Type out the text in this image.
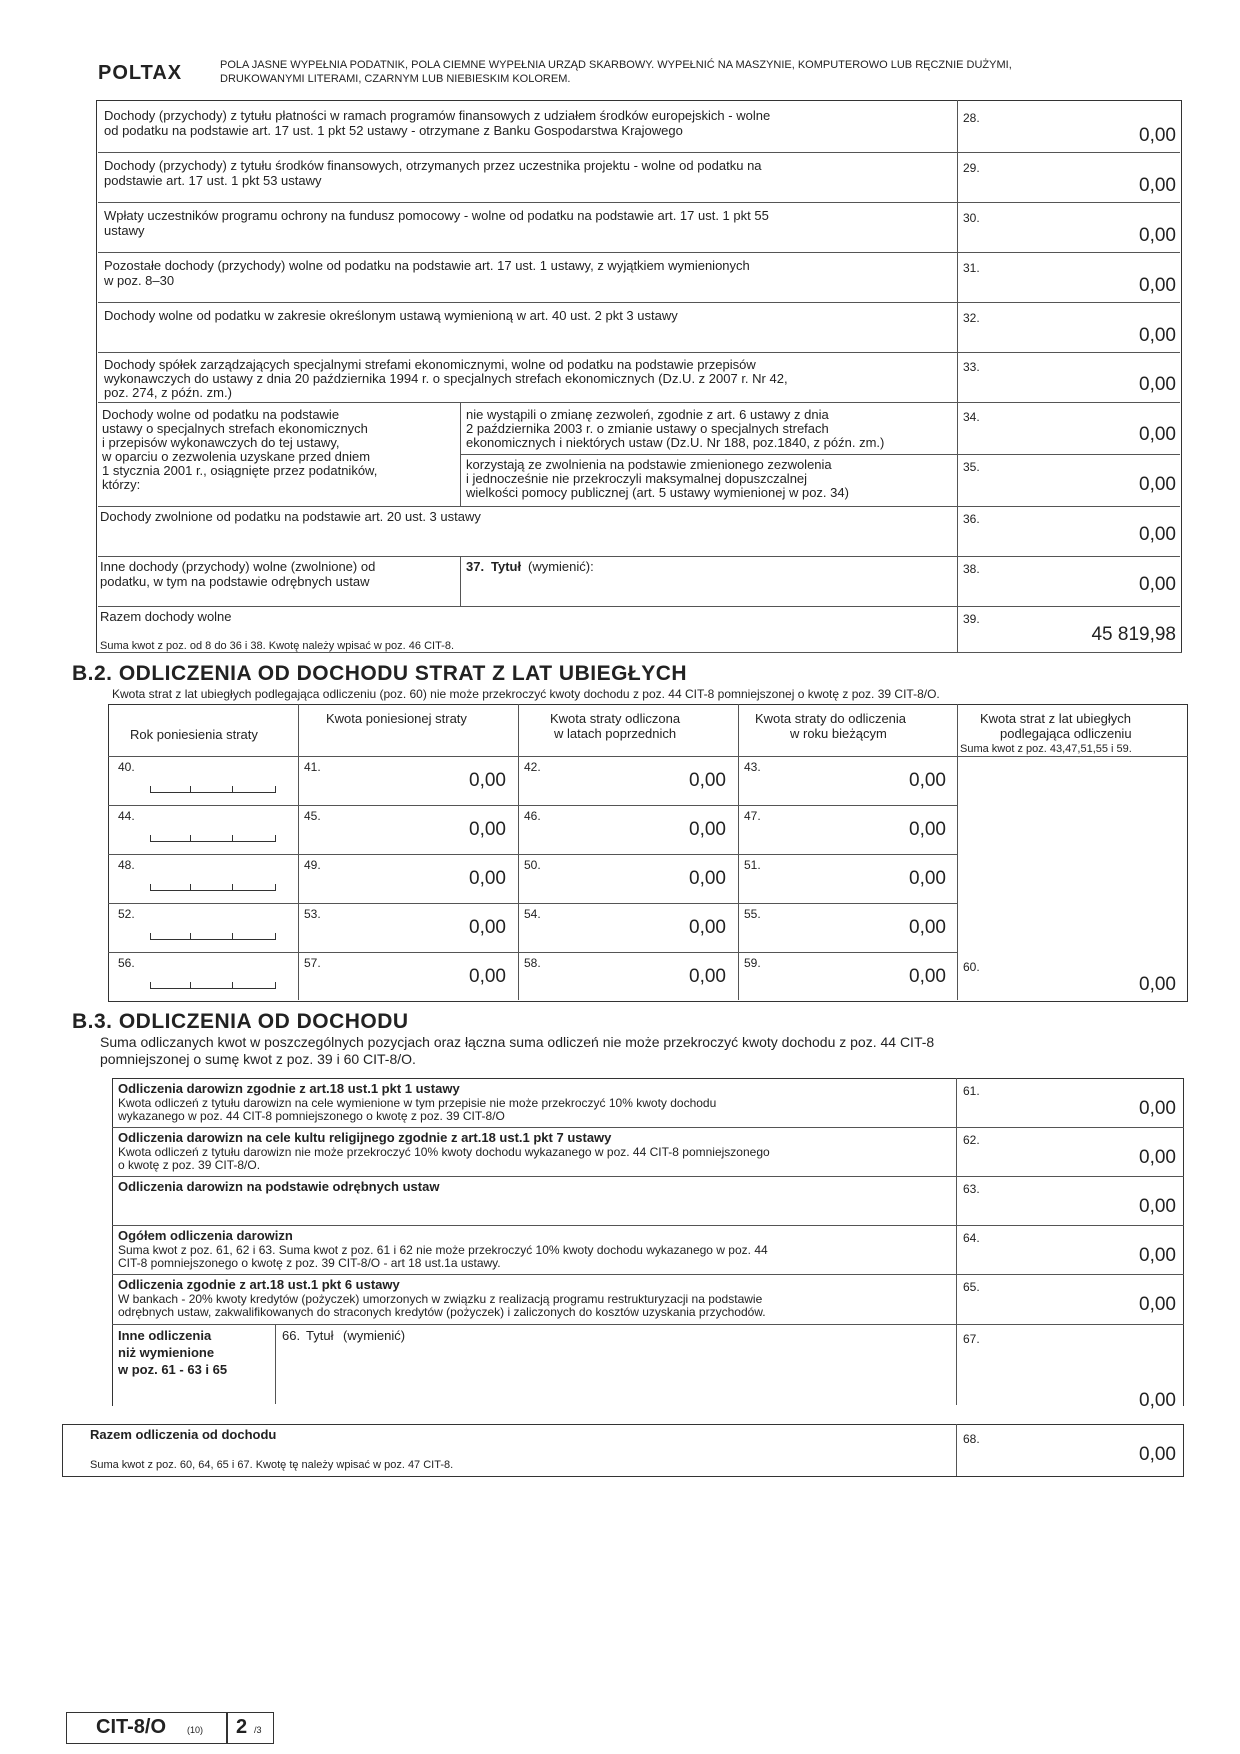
POLTAX	POLA JASNE WYPEŁNIA PODATNIK, POLA CIEMNE WYPEŁNIA URZĄD SKARBOWY. WYPEŁNIĆ NA MASZYNIE, KOMPUTEROWO LUB RĘCZNIE DUŻYMI,
DRUKOWANYMI LITERAMI, CZARNYM LUB NIEBIESKIM KOLOREM.
Dochody (przychody) z tytułu płatności w ramach programów finansowych z udziałem środków europejskich - wolne
od podatku na podstawie art. 17 ust. 1 pkt 52 ustawy - otrzymane z Banku Gospodarstwa Krajowego
28.
0,00
Dochody (przychody) z tytułu środków finansowych, otrzymanych przez uczestnika projektu - wolne od podatku na
podstawie art. 17 ust. 1 pkt 53 ustawy
29.
0,00
Wpłaty uczestników programu ochrony na fundusz pomocowy - wolne od podatku na podstawie art. 17 ust. 1 pkt 55
ustawy
30.
0,00
Pozostałe dochody (przychody) wolne od podatku na podstawie art. 17 ust. 1 ustawy, z wyjątkiem wymienionych
w poz. 8–30
31.
0,00
Dochody wolne od podatku w zakresie określonym ustawą wymienioną w art. 40 ust. 2 pkt 3 ustawy	32.
0,00
Dochody spółek zarządzających specjalnymi strefami ekonomicznymi, wolne od podatku na podstawie przepisów
wykonawczych do ustawy z dnia 20 października 1994 r. o specjalnych strefach ekonomicznych (Dz.U. z 2007 r. Nr 42,
poz. 274, z późn. zm.)
33.
0,00
Dochody wolne od podatku na podstawie
ustawy o specjalnych strefach ekonomicznych
i przepisów wykonawczych do tej ustawy,
w oparciu o zezwolenia uzyskane przed dniem
1 stycznia 2001 r., osiągnięte przez podatników,
którzy:
nie wystąpili o zmianę zezwoleń, zgodnie z art. 6 ustawy z dnia
2 października 2003 r. o zmianie ustawy o specjalnych strefach
ekonomicznych i niektórych ustaw (Dz.U. Nr 188, poz.1840, z późn. zm.)
korzystają ze zwolnienia na podstawie zmienionego zezwolenia
i jednocześnie nie przekroczyli maksymalnej dopuszczalnej
wielkości pomocy publicznej (art. 5 ustawy wymienionej w poz. 34)
34.
0,00
35.
0,00
Dochody zwolnione od podatku na podstawie art. 20 ust. 3 ustawy	36.
0,00
Inne dochody (przychody) wolne (zwolnione) od
podatku, w tym na podstawie odrębnych ustaw
37. Tytuł (wymienić):	38.
0,00
Razem dochody wolne
Suma kwot z poz. od 8 do 36 i 38. Kwotę należy wpisać w poz. 46 CIT-8.
39.
45 819,98
B.2. ODLICZENIA OD DOCHODU STRAT Z LAT UBIEGŁYCH
Kwota strat z lat ubiegłych podlegająca odliczeniu (poz. 60) nie może przekroczyć kwoty dochodu z poz. 44 CIT-8 pomniejszonej o kwotę z poz. 39 CIT-8/O.
Rok poniesienia straty
Kwota poniesionej straty	Kwota straty odliczona
w latach poprzednich
Kwota straty do odliczenia
w roku bieżącym
Kwota strat z lat ubiegłych
podlegająca odliczeniu
Suma kwot z poz. 43,47,51,55 i 59.
40.	41.
0,00
42.
0,00
43.
0,00
44.	45.
0,00
46.
0,00
47.
0,00
48.	49.
0,00
50.
0,00
51.
0,00
52.	53.
0,00
54.
0,00
55.
0,00
56.	57.
0,00
58.
0,00
59.
0,00 60.
0,00
B.3. ODLICZENIA OD DOCHODU
Suma odliczanych kwot w poszczególnych pozycjach oraz łączna suma odliczeń nie może przekroczyć kwoty dochodu z poz. 44 CIT-8
pomniejszonej o sumę kwot z poz. 39 i 60 CIT-8/O.
Odliczenia darowizn zgodnie z art.18 ust.1 pkt 1 ustawy
Kwota odliczeń z tytułu darowizn na cele wymienione w tym przepisie nie może przekroczyć 10% kwoty dochodu
wykazanego w poz. 44 CIT-8 pomniejszonego o kwotę z poz. 39 CIT-8/O
61.
0,00
Odliczenia darowizn na cele kultu religijnego zgodnie z art.18 ust.1 pkt 7 ustawy
Kwota odliczeń z tytułu darowizn nie może przekroczyć 10% kwoty dochodu wykazanego w poz. 44 CIT-8 pomniejszonego
o kwotę z poz. 39 CIT-8/O.
62.
0,00
Odliczenia darowizn na podstawie odrębnych ustaw	63.
0,00
Ogółem odliczenia darowizn
Suma kwot z poz. 61, 62 i 63. Suma kwot z poz. 61 i 62 nie może przekroczyć 10% kwoty dochodu wykazanego w poz. 44
CIT-8 pomniejszonego o kwotę z poz. 39 CIT-8/O - art 18 ust.1a ustawy.
64.
0,00
Odliczenia zgodnie z art.18 ust.1 pkt 6 ustawy
W bankach - 20% kwoty kredytów (pożyczek) umorzonych w związku z realizacją programu restrukturyzacji na podstawie
odrębnych ustaw, zakwalifikowanych do straconych kredytów (pożyczek) i zaliczonych do kosztów uzyskania przychodów.
65.
0,00
Inne odliczenia
niż wymienione
w poz. 61 - 63 i 65
66. Tytuł (wymienić)	67.
0,00
Razem odliczenia od dochodu
Suma kwot z poz. 60, 64, 65 i 67. Kwotę tę należy wpisać w poz. 47 CIT-8.
68.
0,00
CIT-8/O (10) 2 /3
